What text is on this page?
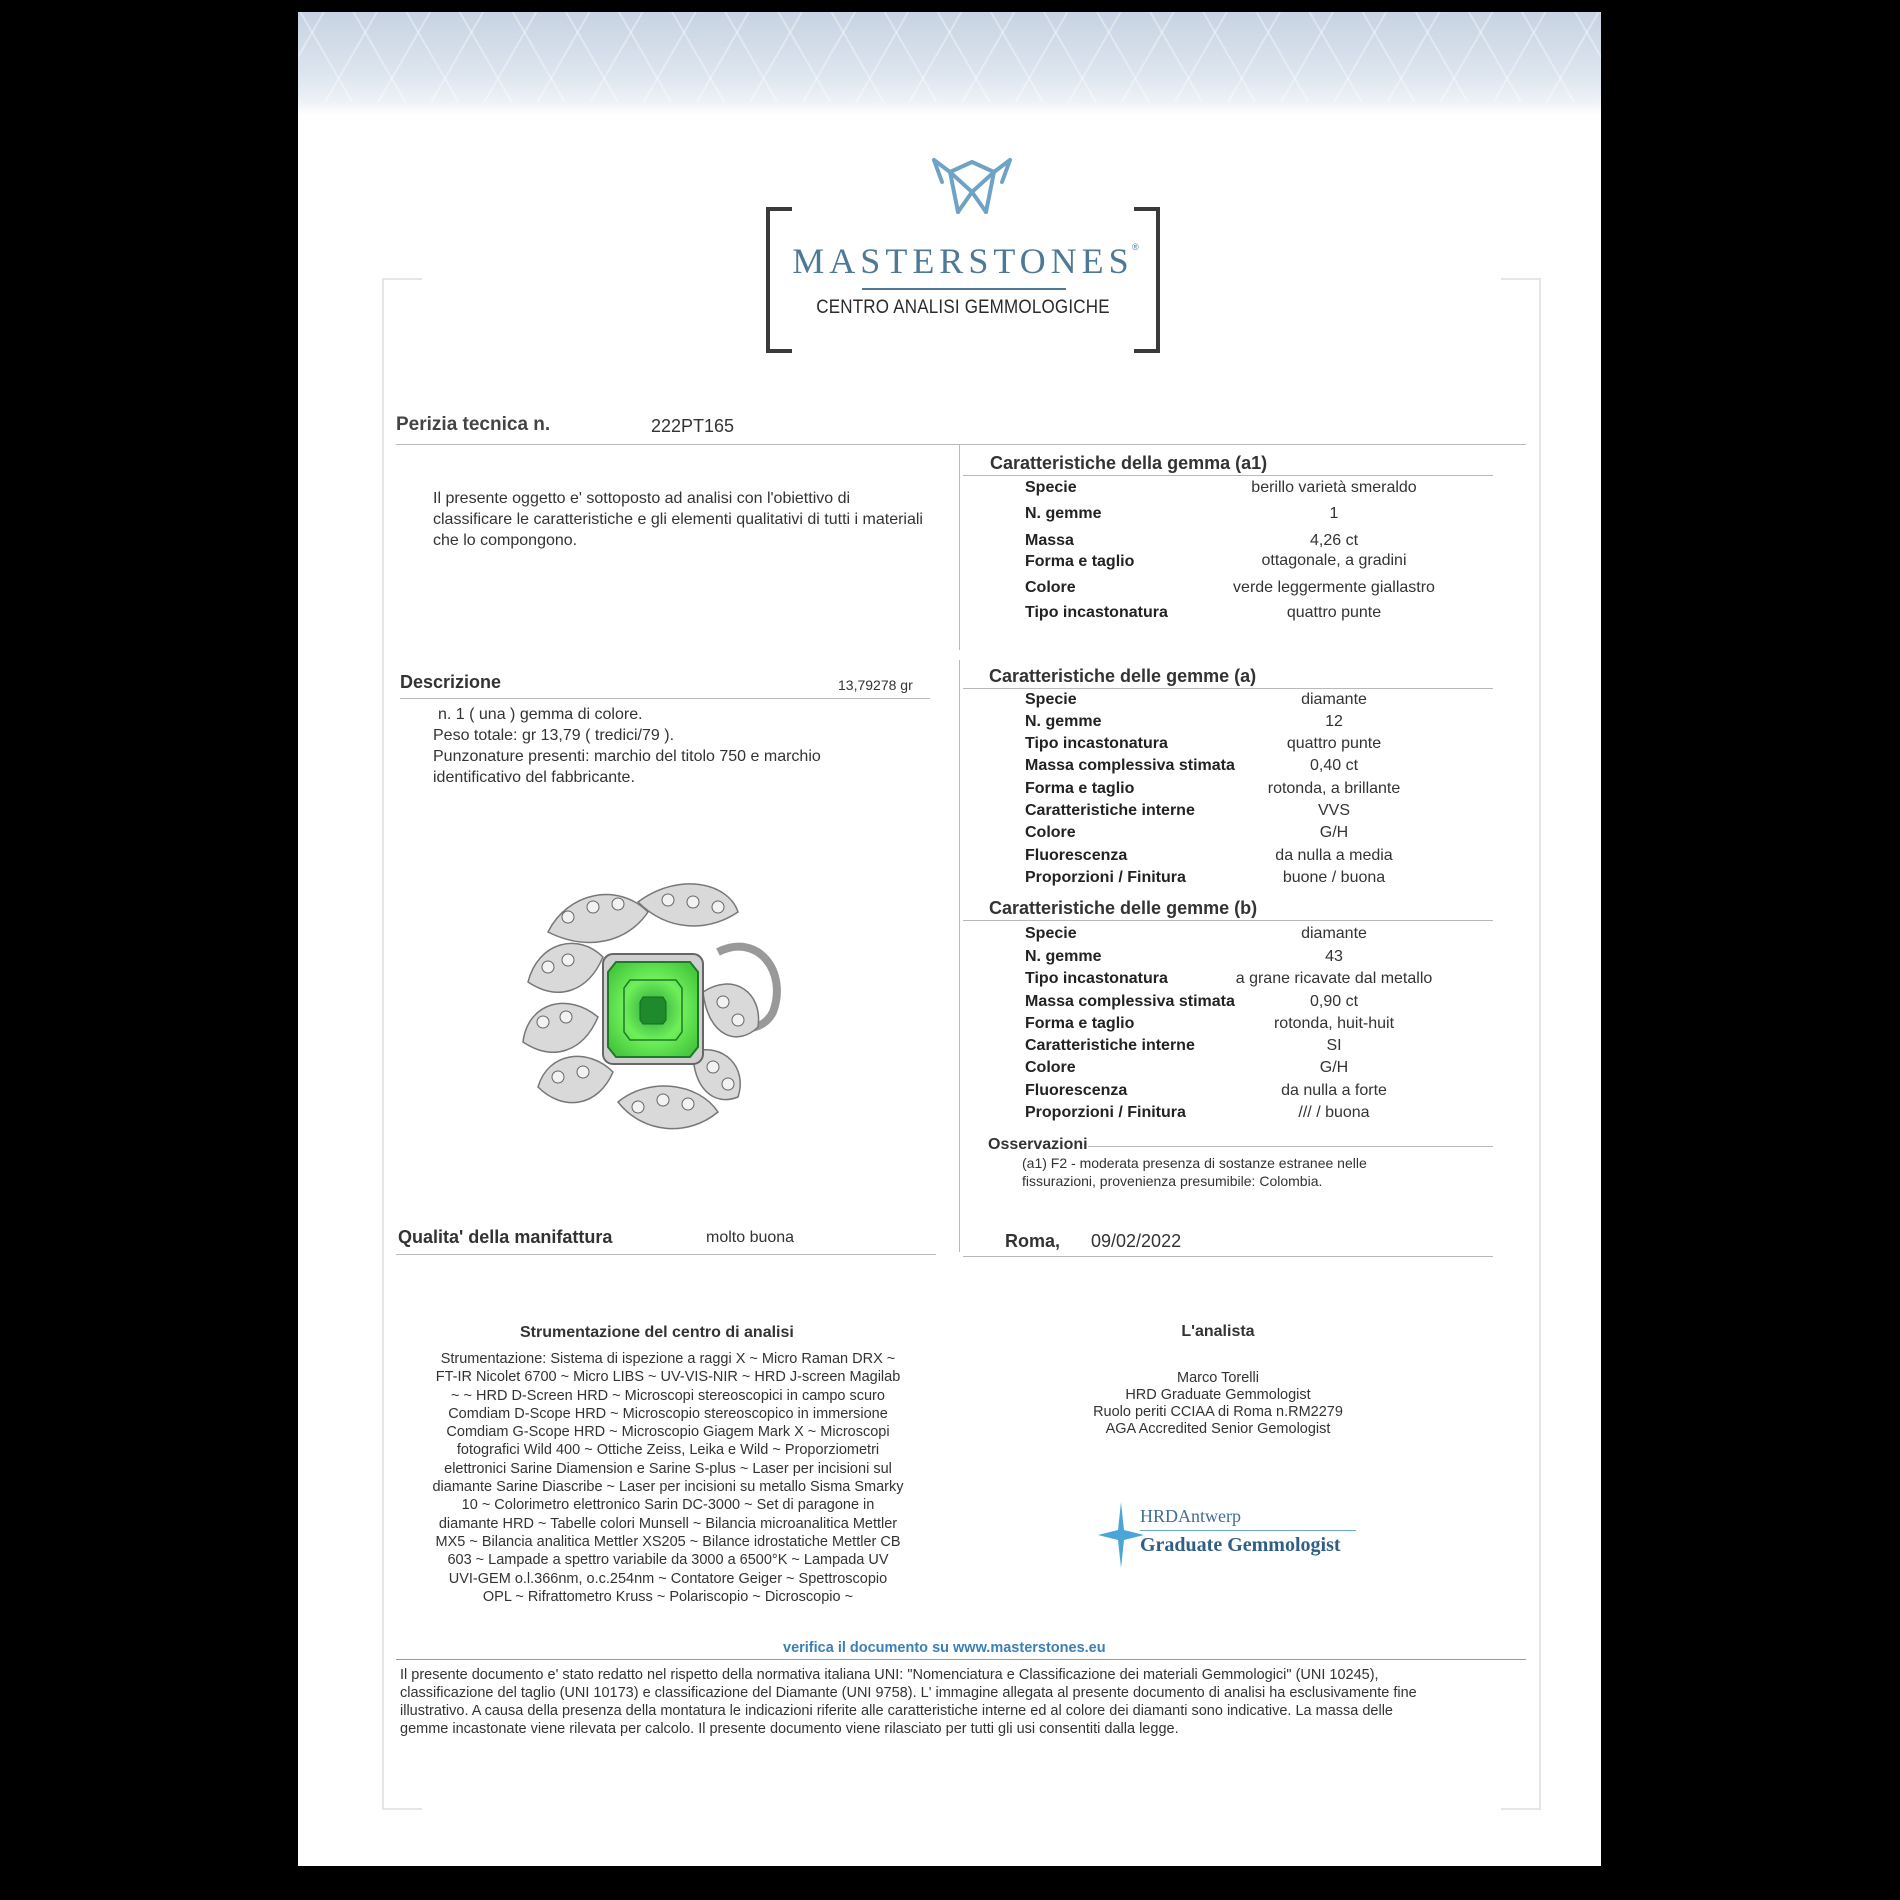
MASTERSTONES
®
CENTRO ANALISI GEMMOLOGICHE
Perizia tecnica n.	222PT165
Il presente oggetto e' sottoposto ad analisi con l'obiettivo di classificare le caratteristiche e gli elementi qualitativi di tutti i materiali che lo compongono.
Descrizione	13,79278 gr
n. 1 ( una ) gemma di colore.
Peso totale: gr 13,79 ( tredici/79 ).
Punzonature presenti: marchio del titolo 750 e marchio
identificativo del fabbricante.
Qualita' della manifattura	molto buona
Caratteristiche della gemma (a1)
Specie	berillo varietà smeraldo
N. gemme	1
Massa	4,26 ct
Forma e taglio	ottagonale, a gradini
Colore	verde leggermente giallastro
Tipo incastonatura	quattro punte
Caratteristiche delle gemme (a)
Specie	diamante
N. gemme	12
Tipo incastonatura	quattro punte
Massa complessiva stimata	0,40 ct
Forma e taglio	rotonda, a brillante
Caratteristiche interne	VVS
Colore	G/H
Fluorescenza	da nulla a media
Proporzioni / Finitura	buone / buona
Caratteristiche delle gemme (b)
Specie	diamante
N. gemme	43
Tipo incastonatura	a grane ricavate dal metallo
Massa complessiva stimata	0,90 ct
Forma e taglio	rotonda, huit-huit
Caratteristiche interne	SI
Colore	G/H
Fluorescenza	da nulla a forte
Proporzioni / Finitura	/// / buona
Osservazioni
(a1) F2 - moderata presenza di sostanze estranee nelle
fissurazioni, provenienza presumibile: Colombia.
Roma, 09/02/2022
Strumentazione del centro di analisi
Strumentazione: Sistema di ispezione a raggi X ~ Micro Raman DRX ~
FT-IR Nicolet 6700 ~ Micro LIBS ~ UV-VIS-NIR ~ HRD J-screen Magilab
~ ~ HRD D-Screen HRD ~ Microscopi stereoscopici in campo scuro
Comdiam D-Scope HRD ~ Microscopio stereoscopico in immersione
Comdiam G-Scope HRD ~ Microscopio Giagem Mark X ~ Microscopi
fotografici Wild 400 ~ Ottiche Zeiss, Leika e Wild ~ Proporziometri
elettronici Sarine Diamension e Sarine S-plus ~ Laser per incisioni sul
diamante Sarine Diascribe ~ Laser per incisioni su metallo Sisma Smarky
10 ~ Colorimetro elettronico Sarin DC-3000 ~ Set di paragone in
diamante HRD ~ Tabelle colori Munsell ~ Bilancia microanalitica Mettler
MX5 ~ Bilancia analitica Mettler XS205 ~ Bilance idrostatiche Mettler CB
603 ~ Lampade a spettro variabile da 3000 a 6500°K ~ Lampada UV
UVI-GEM o.l.366nm, o.c.254nm ~ Contatore Geiger ~ Spettroscopio
OPL ~ Rifrattometro Kruss ~ Polariscopio ~ Dicroscopio ~
L'analista
Marco Torelli
HRD Graduate Gemmologist
Ruolo periti CCIAA di Roma n.RM2279
AGA Accredited Senior Gemologist
HRDAntwerp
Graduate Gemmologist
verifica il documento su www.masterstones.eu
Il presente documento e' stato redatto nel rispetto della normativa italiana UNI: "Nomenciatura e Classificazione dei materiali Gemmologici" (UNI 10245),
classificazione del taglio (UNI 10173) e classificazione del Diamante (UNI 9758). L' immagine allegata al presente documento di analisi ha esclusivamente fine
illustrativo. A causa della presenza della montatura le indicazioni riferite alle caratteristiche interne ed al colore dei diamanti sono indicative. La massa delle
gemme incastonate viene rilevata per calcolo. Il presente documento viene rilasciato per tutti gli usi consentiti dalla legge.
